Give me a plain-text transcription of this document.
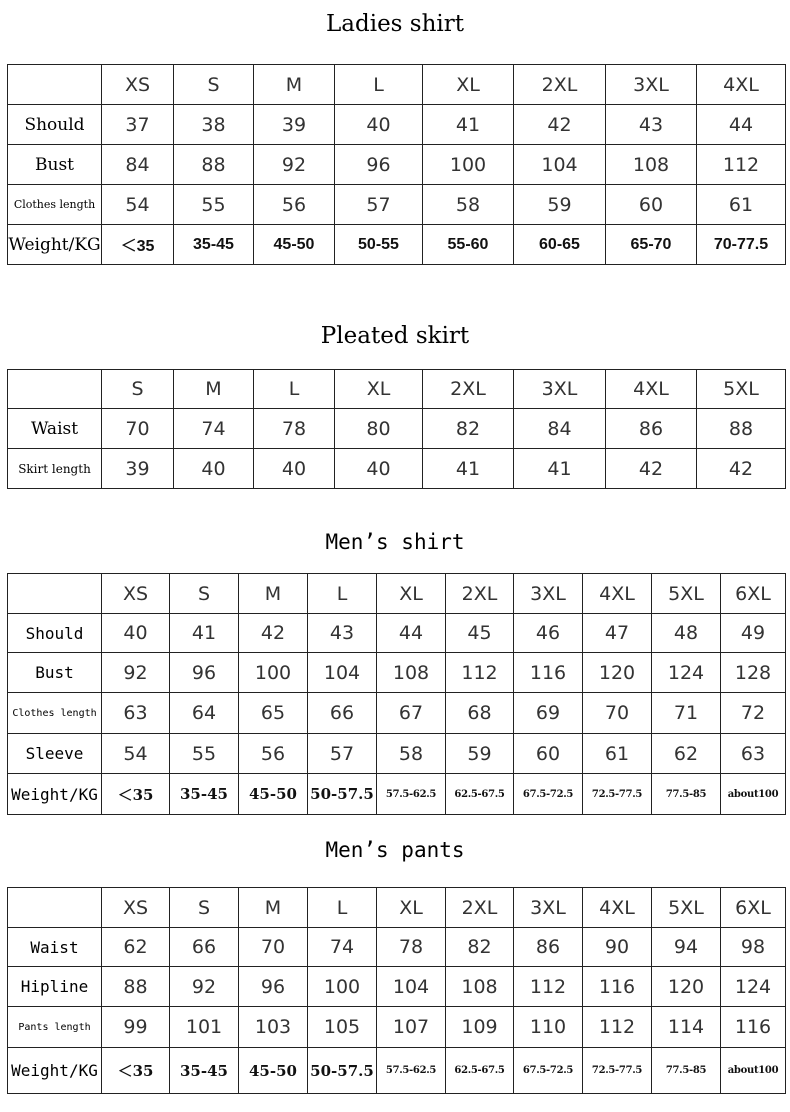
Ladies shirt
	XS	S	M	L	XL	2XL	3XL	4XL
Should	37	38	39	40	41	42	43	44
Bust	84	88	92	96	100	104	108	112
Clothes length	54	55	56	57	58	59	60	61
Weight/KG	＜35	35-45	45-50	50-55	55-60	60-65	65-70	70-77.5
Pleated skirt
	S	M	L	XL	2XL	3XL	4XL	5XL
Waist	70	74	78	80	82	84	86	88
Skirt length	39	40	40	40	41	41	42	42
Men’s shirt
	XS	S	M	L	XL	2XL	3XL	4XL	5XL	6XL
Should	40	41	42	43	44	45	46	47	48	49
Bust	92	96	100	104	108	112	116	120	124	128
Clothes length	63	64	65	66	67	68	69	70	71	72
Sleeve	54	55	56	57	58	59	60	61	62	63
Weight/KG	＜35	35-45	45-50	50-57.5	57.5-62.5	62.5-67.5	67.5-72.5	72.5-77.5	77.5-85	about100
Men’s pants
	XS	S	M	L	XL	2XL	3XL	4XL	5XL	6XL
Waist	62	66	70	74	78	82	86	90	94	98
Hipline	88	92	96	100	104	108	112	116	120	124
Pants length	99	101	103	105	107	109	110	112	114	116
Weight/KG	＜35	35-45	45-50	50-57.5	57.5-62.5	62.5-67.5	67.5-72.5	72.5-77.5	77.5-85	about100
